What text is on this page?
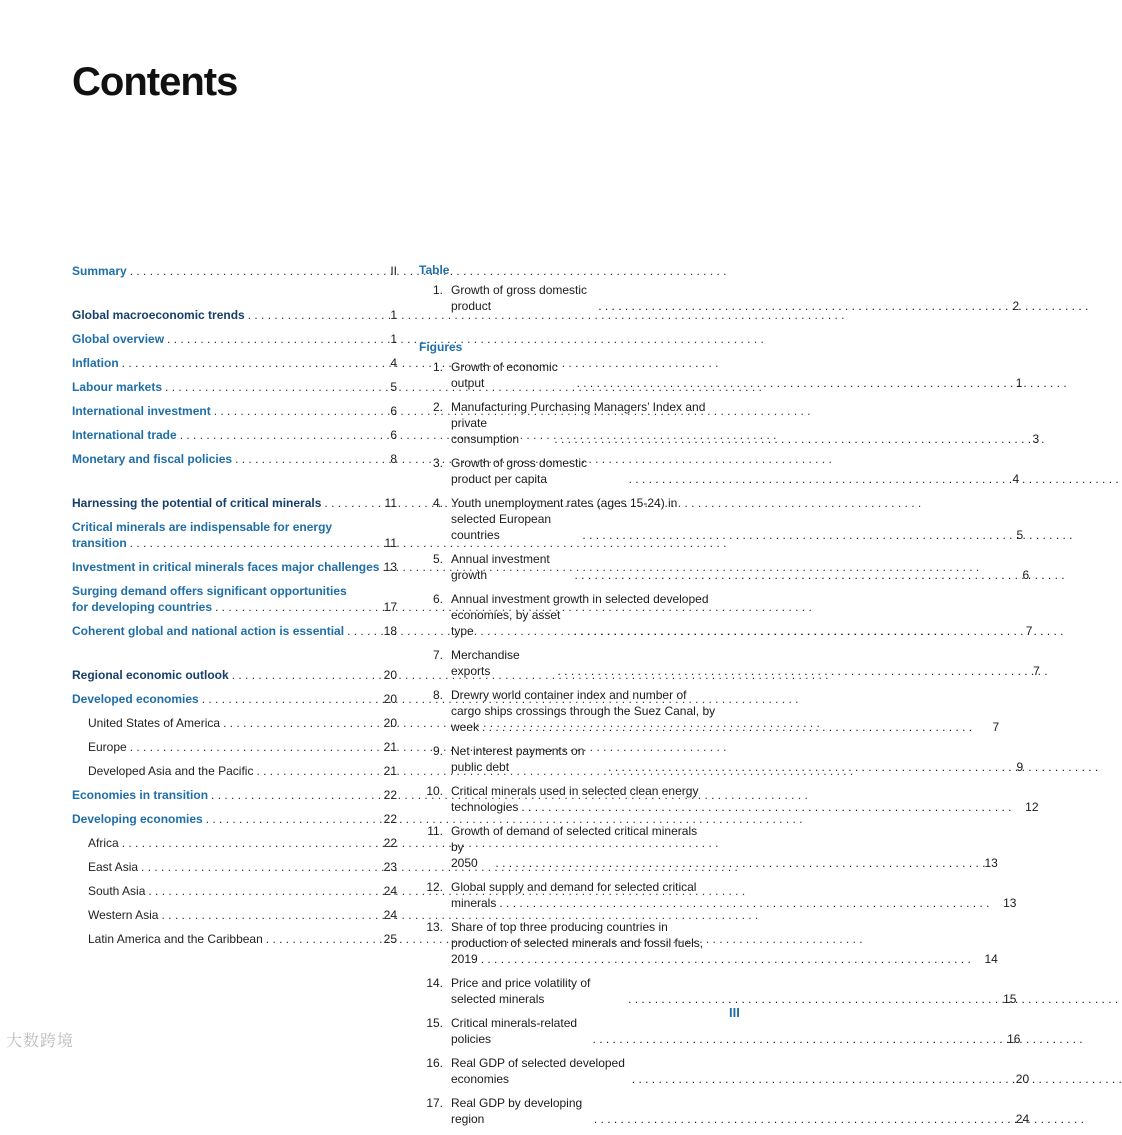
Contents
Summary . . .	II
Global macroeconomic trends . . .	1
Global overview . . .	1
Inflation . . .	4
Labour markets . . .	5
International investment . . .	6
International trade . . .	6
Monetary and fiscal policies . . .	8
Harnessing the potential of critical minerals . . .	11
Critical minerals are indispensable for energy
transition . . .	11
Investment in critical minerals faces major challenges . . . 13
Surging demand offers significant opportunities
for developing countries . . .	17
Coherent global and national action is essential . . .	18
Regional economic outlook . . .	20
Developed economies . . .	20
United States of America . . .	20
Europe . . .	21
Developed Asia and the Pacific . . .	21
Economies in transition . . .	22
Developing economies . . .	22
Africa . . .	22
East Asia . . .	23
South Asia . . .	24
Western Asia . . .	24
Latin America and the Caribbean . . .	25
Table
1. Growth of gross domestic product . . .	2
Figures
1. Growth of economic output . . .	1
2. Manufacturing Purchasing Managers’ Index and
private consumption . . .	3
3. Growth of gross domestic product per capita . . .	4
4. Youth unemployment rates (ages 15-24) in
selected European countries . . .	5
5. Annual investment growth . . .	6
6. Annual investment growth in selected developed
economies, by asset type . . .	7
7. Merchandise exports . . .	7
8. Drewry world container index and number of
cargo ships crossings through the Suez Canal, by
week . . .	7
9. Net interest payments on public debt . . .	9
10. Critical minerals used in selected clean energy
technologies . . .	12
11. Growth of demand of selected critical minerals
by 2050 . . .	13
12. Global supply and demand for selected critical
minerals . . .	13
13. Share of top three producing countries in
production of selected minerals and fossil fuels,
2019 . . .	14
14. Price and price volatility of selected minerals . . .	15
15. Critical minerals-related policies . . .	16
16. Real GDP of selected developed economies . . .	20
17. Real GDP by developing region . . .	24
III
大数跨境
